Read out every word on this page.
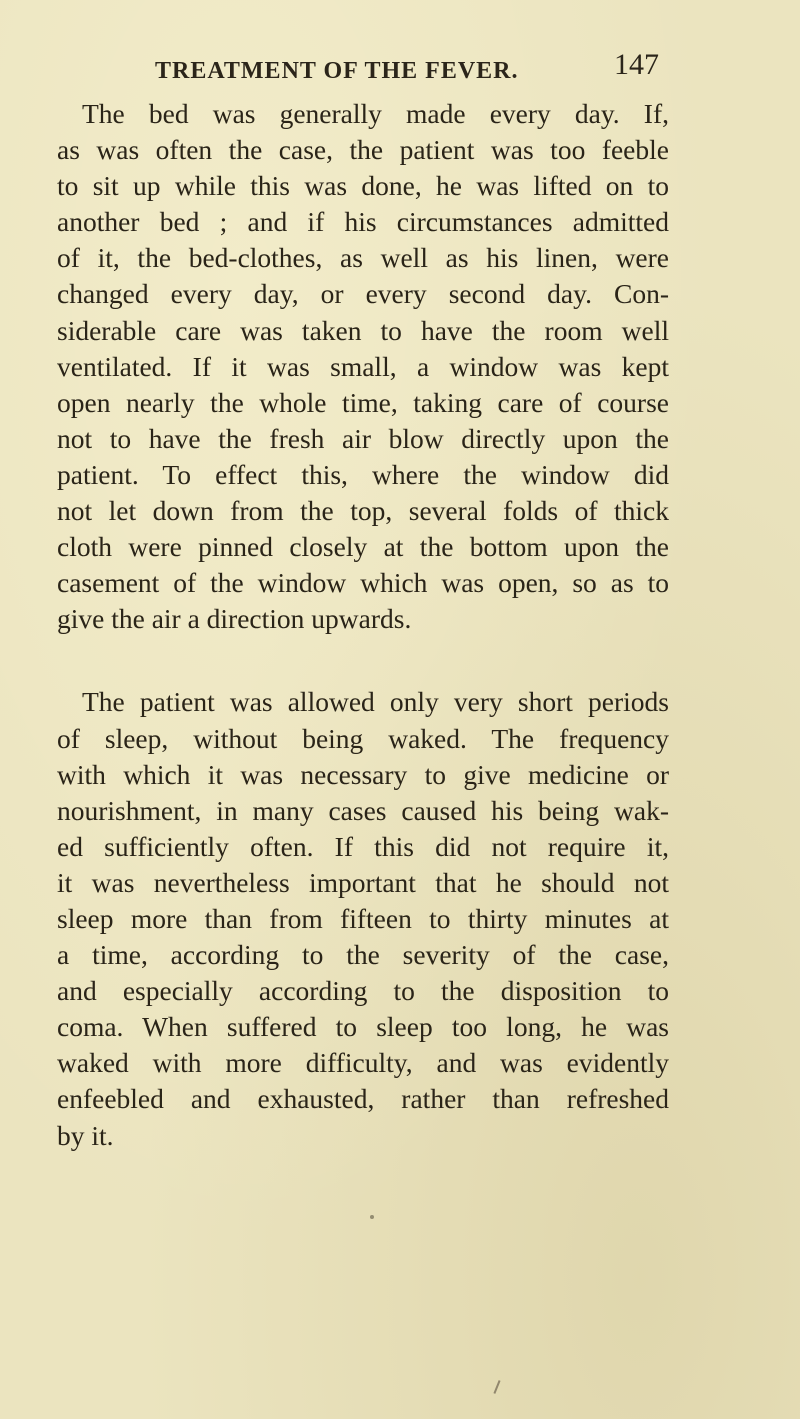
TREATMENT OF THE FEVER.	147

The bed was generally made every day. If,
as was often the case, the patient was too feeble
to sit up while this was done, he was lifted on to
another bed ; and if his circumstances admitted
of it, the bed-clothes, as well as his linen, were
changed every day, or every second day. Con-
siderable care was taken to have the room well
ventilated. If it was small, a window was kept
open nearly the whole time, taking care of course
not to have the fresh air blow directly upon the
patient. To effect this, where the window did
not let down from the top, several folds of thick
cloth were pinned closely at the bottom upon the
casement of the window which was open, so as to
give the air a direction upwards.

The patient was allowed only very short periods
of sleep, without being waked. The frequency
with which it was necessary to give medicine or
nourishment, in many cases caused his being wak-
ed sufficiently often. If this did not require it,
it was nevertheless important that he should not
sleep more than from fifteen to thirty minutes at
a time, according to the severity of the case,
and especially according to the disposition to
coma. When suffered to sleep too long, he was
waked with more difficulty, and was evidently
enfeebled and exhausted, rather than refreshed
by it.
